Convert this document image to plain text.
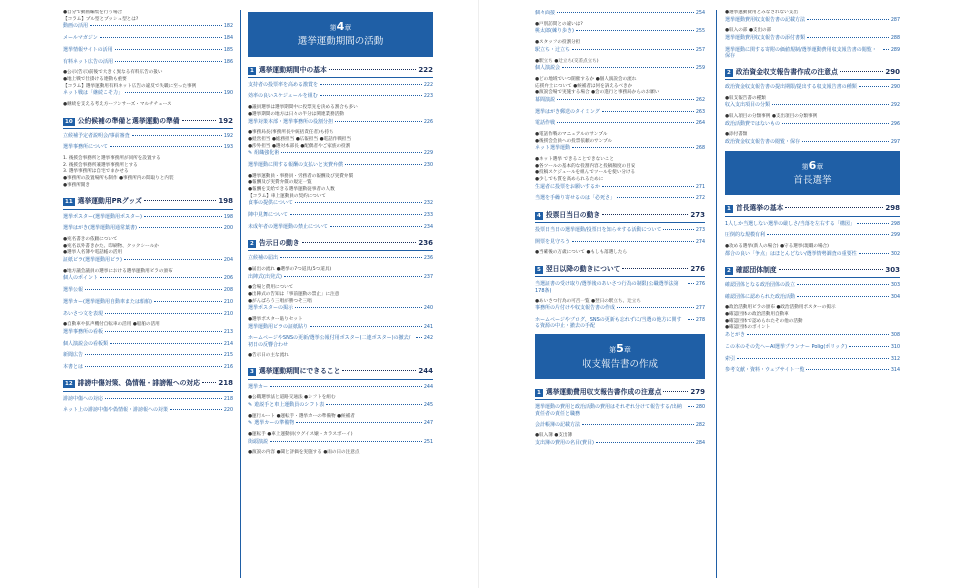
●自分で動画編集を行う場合
【コラム】プル型とプッシュ型とは?
動画の活用	182
メールマガジン	184
選挙情報サイトの活用	185
有料ネット広告の活用	186
●公示(告示)前後で大きく異なる有料広告の扱い
●地上戦で仕掛ける連動も重要
【コラム】選挙運動用有料ネット広告の違反で失職に至った事例
ネット戦は「継続こそ力」	190
●継続を支える考え方ーフンサーズ・マルチチュース
10 公約候補の準備と選挙運動の準備	192
立候補予定者説明会/事前審査	192
選挙事務所について	193
1. 後援会事務所と選挙事務所が同所を設置する
2. 後援会事務所兼選挙事務所とする
3. 選挙事務所は自宅でまかせる
●事務所の設置場所も制作 ●事務所内の間取りと内装
●事務所開き
11 選挙運動用PRグッズ	198
選挙ポスター(選挙運動用ポスター)	198
選挙はがき(選挙運動用通常葉書)	200
●宛名書きの依頼について
●宛名以外書きかた、印刷物、クックシールか
●選挙人名簿や電話帳の活用
証紙ビラ(選挙運動用ビラ)	204
●地方議会議員の選挙における選挙運動用ビラの頒布
個人のポイント	206
選挙公報	208
選挙カー(選挙運動用自動車または船舶)	210
あいさつ文を表現	210
●自動車や拡声機付自転車の活用 ●船舶の活用
選挙事務所の看板	213
個人演説会の看板類	214
新聞広告	215
本書とは	216
12 誹謗中傷対策、偽情報・誹謗報への対応	218
誹謗中傷への対応	218
ネット上の誹謗中傷や偽情報・誹謗報への対策	220
第4章
選挙運動期間の活動
1 選挙運動期間中の基本	222
支持者の投票率を高める激賞を	222
効率の良いスケジュールを組む	223
●議員選挙は選挙期間中に投票先を決める割合も多い
●選挙期間の地方は日々の半分は関連業務活動
選挙対策本部・選挙事務所の役割分担	226
●事務局長(事務所長や統括責任者)も持ち
●経営担当 ●総務担当 ●広報担当 ●電話作戦担当
●渉外担当 ●選対本部長 ●配偶者やご家族の役割
✎ 組織強化術	229
選挙運動に関する報酬の支払いと実費弁償	230
●選挙運動員・事務員・労務者の報酬及び実費弁償
●報酬及び実費弁償の規定一覧
●報酬を支給できる選挙運動従事者の人数
【コラム】車上運動員の契約について
食事の提供について	232
陣中見舞について	233
未成年者の選挙運動の禁止について	234
2 告示日の動き	236
立候補の届出	236
●届出の流れ ●選挙の7つ道具(5つ道具)
出陣式(出発式)	237
●会場と費用について
●出陣式の告知は「事前運動の禁止」に注意
●がんばろう三唱が勝つそ三唱
選挙ポスターの掲示	240
●選挙ポスター貼りセット
選挙運動用ビラの証紙貼り	241
ホームページやSNSの更新/選挙公報付用ポスター(二連ポスター)の撤去/初日の反響合わせ
242
●告示日の主な流れ
3 選挙運動期間にできること	244
選挙カー	244
●公職選挙法と道路交通法 ●シフトを組む
✎ 遊説手と車上運動員のシフト表	245
●運行ルート ●運転手・選挙カーの準備物 ●候補者
✎ 選挙カーの準備物	247
●運転手 ●車上運動員(ウグイス嬢・カラスボーイ)
街頭演説	251
●演説の内容 ●聞と評価を実施する ●雨の日の注意点
個々面接	254
●戸別訪問との違いは?
桃太郎(練り歩き)	255
●スタッフの役割分担
駅立ち・辻立ち	257
●駅立ち ●辻立ち(交差点立ち)
個人演説会	259
●どの地域でいつ開催するか ●個人演説会の流れ
応援弁士について ●候補者は何を訴えるべきか
●演説会場で実施する場合 ●会の進行と事務局からのお願い
幕間演説	262
選挙はがき郵送のタイミング	263
電話作戦	264
●電話作戦のマニュアルのサンプル
●後援会会員への投票依頼のサンプル
ネット選挙運動	268
●ネット選挙 できることできないこと
●各ツールの基本的な役割内容と投稿頻度の目安
●投稿スケジュールを組んでツールを使い分ける
●少しでも質を高められるために
生還者に投票をお願いするか	271
当選を手繰り寄せるのは「必死さ」	272
4 投票日当日の動き	273
投票日当日の選挙運動/投票日を知らせする活動について	273
開票を見守ろう	274
●当確後の万歳について ●もしも落選したら
5 翌日以降の動きについて	276
当選証書の受け取り/選挙後のあいさつ行為の制限(公職選挙法第178条)
276
●あいさつ行為の可否一覧 ●翌日の駅立ち、辻立ち
事務所の片付けや収支報告書の作成	277
ホームページやブログ、SNSの更新も忘れずに/当選の他方に関する資源の中止・撤去の手配
278
第5章
収支報告書の作成
1 選挙運動費用収支報告書作成の注意点	279
選挙運動の費用と政治活動の費用はそれぞれ分けて報告する/出納責任者の責任と職務
280
会計帳簿の記載方法	282
●収入簿 ●支出簿
支出簿の費用の名目(費目)	284
●選挙運動費用とみなされない支出
選挙運動費用収支報告書の記載方法	287
●収入の部 ●支出の部
選挙運動費用収支報告書の添付書類	288
選挙運動に関する寄附の価値規制/選挙運動費用収支報告書の閲覧・保存
289
2 政治資金収支報告書作成の注意点	290
政治資金収支報告書の提出期限/提出する収支報告書の種類	290
●収支報告書の種類
収入支出項目の分類	292
●収入項目の分類事例 ●支出項目の分類事例
政治活動費ではないもの	296
●添付書類
政治資金収支報告書の閲覧・保存	297
第6章
首長選挙
1 首長選挙の基本	298
1人しか当選しない選挙の厳しさ/当落を左右する「構図」	298
圧倒的な規模有利	299
●攻める選挙(新人の場合) ●守る選挙(現職の場合)
都合の良い「争点」はほとんどない/選挙情勢調査の重要性	302
2 確認団体制度	303
確認団体となる政治団体の設立	303
確認団体に認められた政治活動	304
●政治活動用ビラの頒布 ●政治活動用ポスターの掲示
●確認団体の政治活動用自動車
●確認団体で認められたその他の活動
●確認団体のポイント
あとがき	308
この本のその先へーAI選挙プランナー Polig(ポリック)	310
索引	312
参考文献・資料・ウェブサイト一覧	314
